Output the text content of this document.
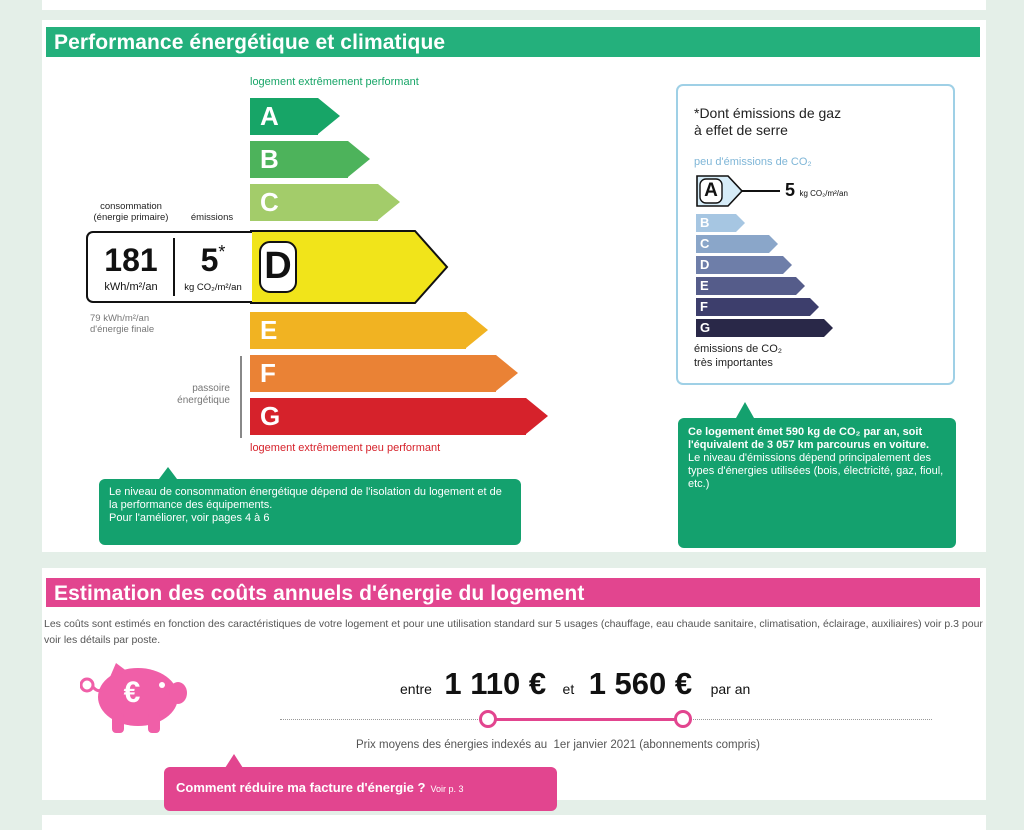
Performance énergétique et climatique
logement extrêmement performant
A
B
C
D
E
F
G
logement extrêmement peu performant
consommation
(énergie primaire)	émissions
181
kWh/m²/an
5*
kg CO₂/m²/an
79 kWh/m²/an
d'énergie finale
passoire
énergétique
Le niveau de consommation énergétique dépend de l'isolation du logement et de la performance des équipements.
Pour l'améliorer, voir pages 4 à 6
*Dont émissions de gaz
à effet de serre
peu d'émissions de CO₂
A	5 kg CO₂/m²/an
B
C
D
E
F
G
émissions de CO₂
très importantes
Ce logement émet 590 kg de CO₂ par an, soit l'équivalent de 3 057 km parcourus en voiture.
Le niveau d'émissions dépend principalement des types d'énergies utilisées (bois, électricité, gaz, fioul, etc.)
Estimation des coûts annuels d'énergie du logement
Les coûts sont estimés en fonction des caractéristiques de votre logement et pour une utilisation standard sur 5 usages (chauffage, eau chaude sanitaire, climatisation, éclairage, auxiliaires) voir p.3 pour voir les détails par poste.
€	entre 1 110 € et 1 560 € par an
Prix moyens des énergies indexés au  1er janvier 2021 (abonnements compris)
Comment réduire ma facture d'énergie ? Voir p. 3
